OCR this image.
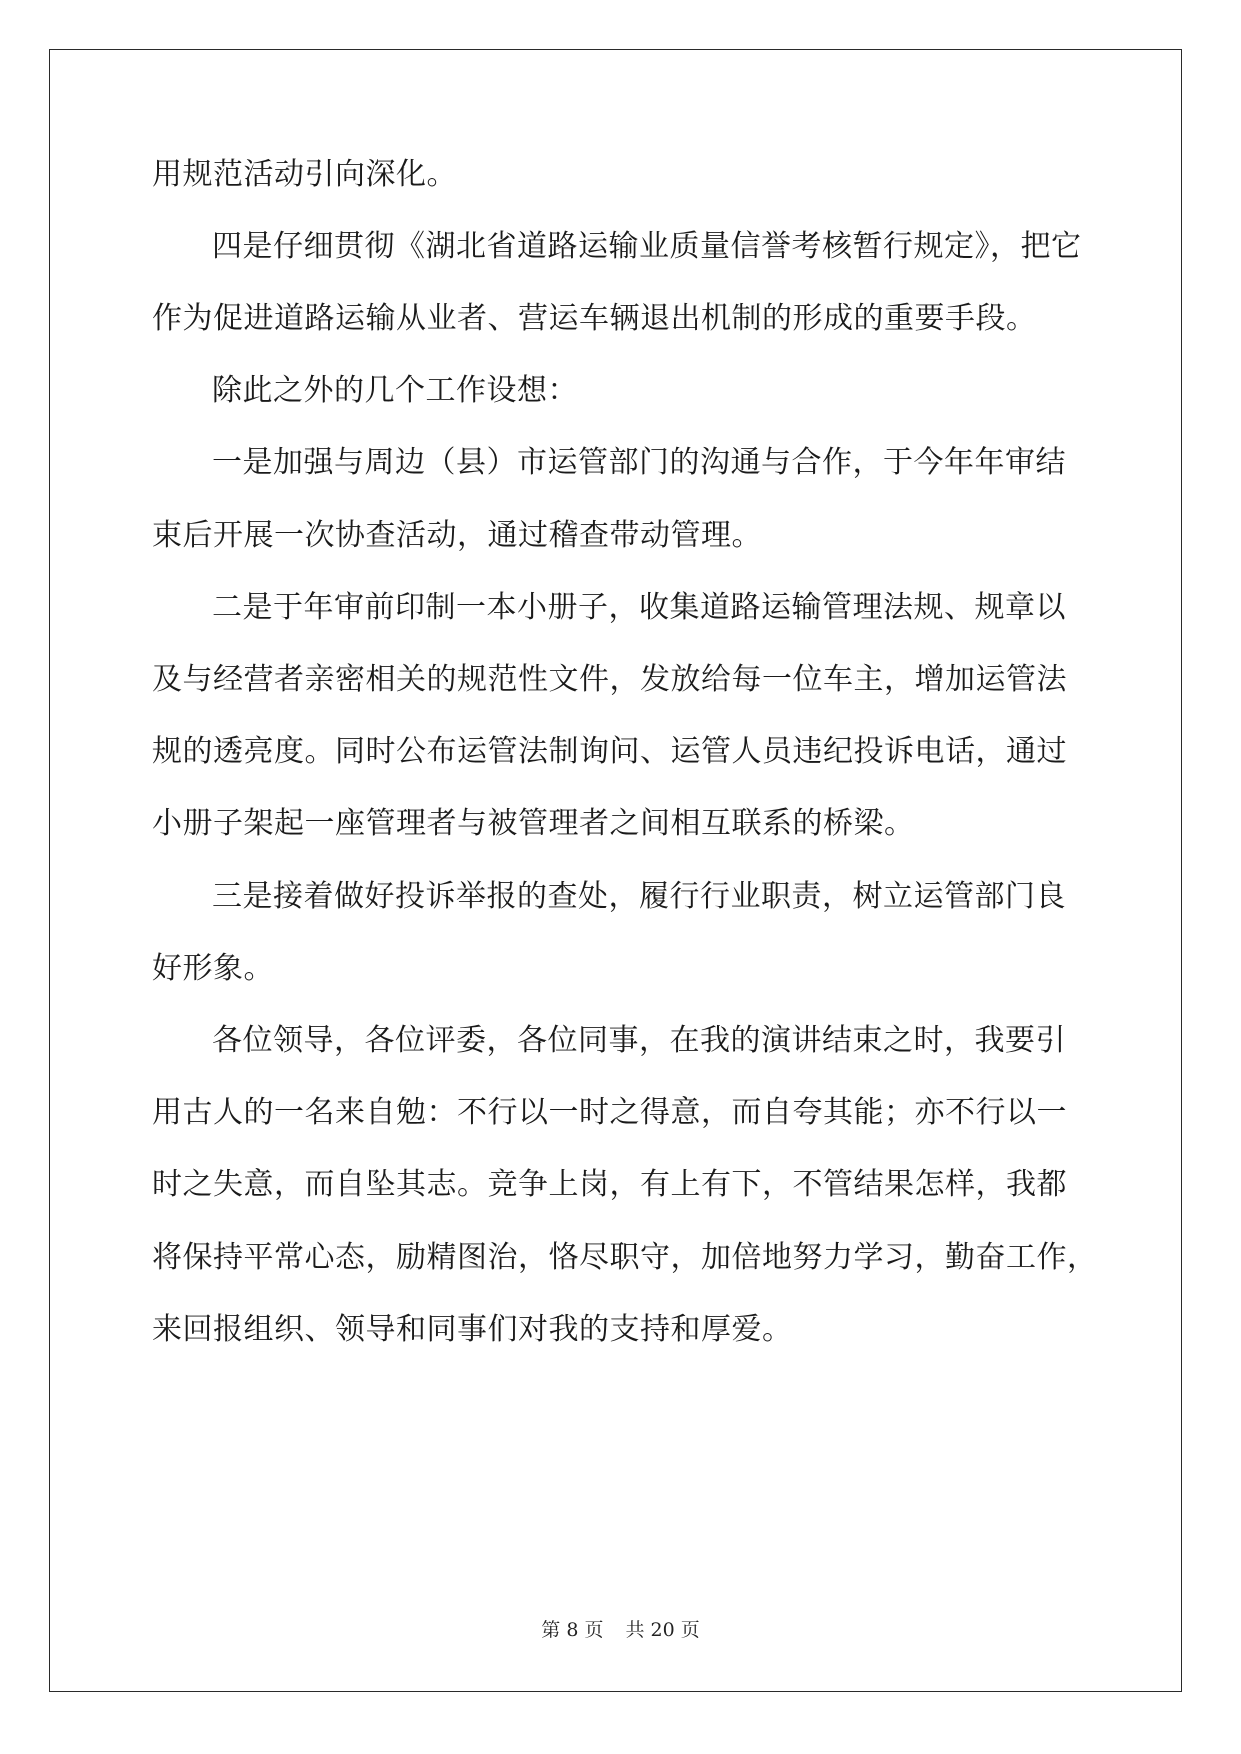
用规范活动引向深化。
四是仔细贯彻《湖北省道路运输业质量信誉考核暂行规定》，把它
作为促进道路运输从业者、营运车辆退出机制的形成的重要手段。
除此之外的几个工作设想：
一是加强与周边（县）市运管部门的沟通与合作，于今年年审结
束后开展一次协查活动，通过稽查带动管理。
二是于年审前印制一本小册子，收集道路运输管理法规、规章以
及与经营者亲密相关的规范性文件，发放给每一位车主，增加运管法
规的透亮度。同时公布运管法制询问、运管人员违纪投诉电话，通过
小册子架起一座管理者与被管理者之间相互联系的桥梁。
三是接着做好投诉举报的查处，履行行业职责，树立运管部门良
好形象。
各位领导，各位评委，各位同事，在我的演讲结束之时，我要引
用古人的一名来自勉：不行以一时之得意，而自夸其能；亦不行以一
时之失意，而自坠其志。竞争上岗，有上有下，不管结果怎样，我都
将保持平常心态，励精图治，恪尽职守，加倍地努力学习，勤奋工作，
来回报组织、领导和同事们对我的支持和厚爱。
第 8 页 共 20 页
